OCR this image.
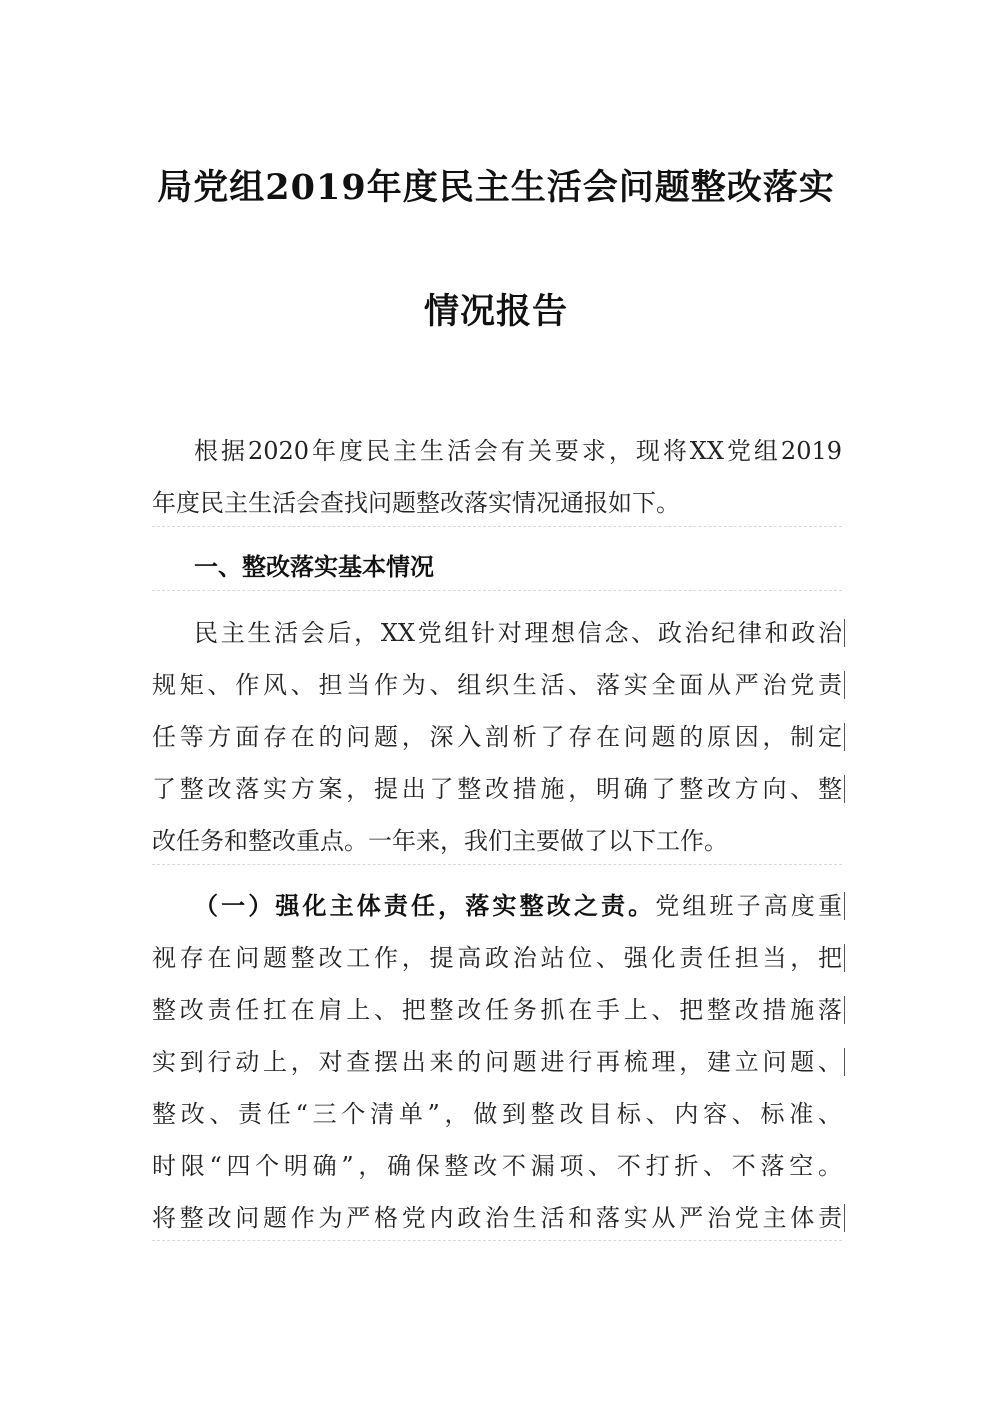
局党组2019年度民主生活会问题整改落实
情况报告
根据2020年度民主生活会有关要求，现将XX党组2019
年度民主生活会查找问题整改落实情况通报如下。
一、整改落实基本情况
民主生活会后，XX党组针对理想信念、政治纪律和政治
规矩、作风、担当作为、组织生活、落实全面从严治党责
任等方面存在的问题，深入剖析了存在问题的原因，制定
了整改落实方案，提出了整改措施，明确了整改方向、整
改任务和整改重点。一年来，我们主要做了以下工作。
（一）强化主体责任，落实整改之责。党组班子高度重
视存在问题整改工作，提高政治站位、强化责任担当，把
整改责任扛在肩上、把整改任务抓在手上、把整改措施落
实到行动上，对查摆出来的问题进行再梳理，建立问题、
整改、责任“三个清单”，做到整改目标、内容、标准、
时限“四个明确”，确保整改不漏项、不打折、不落空。
将整改问题作为严格党内政治生活和落实从严治党主体责
